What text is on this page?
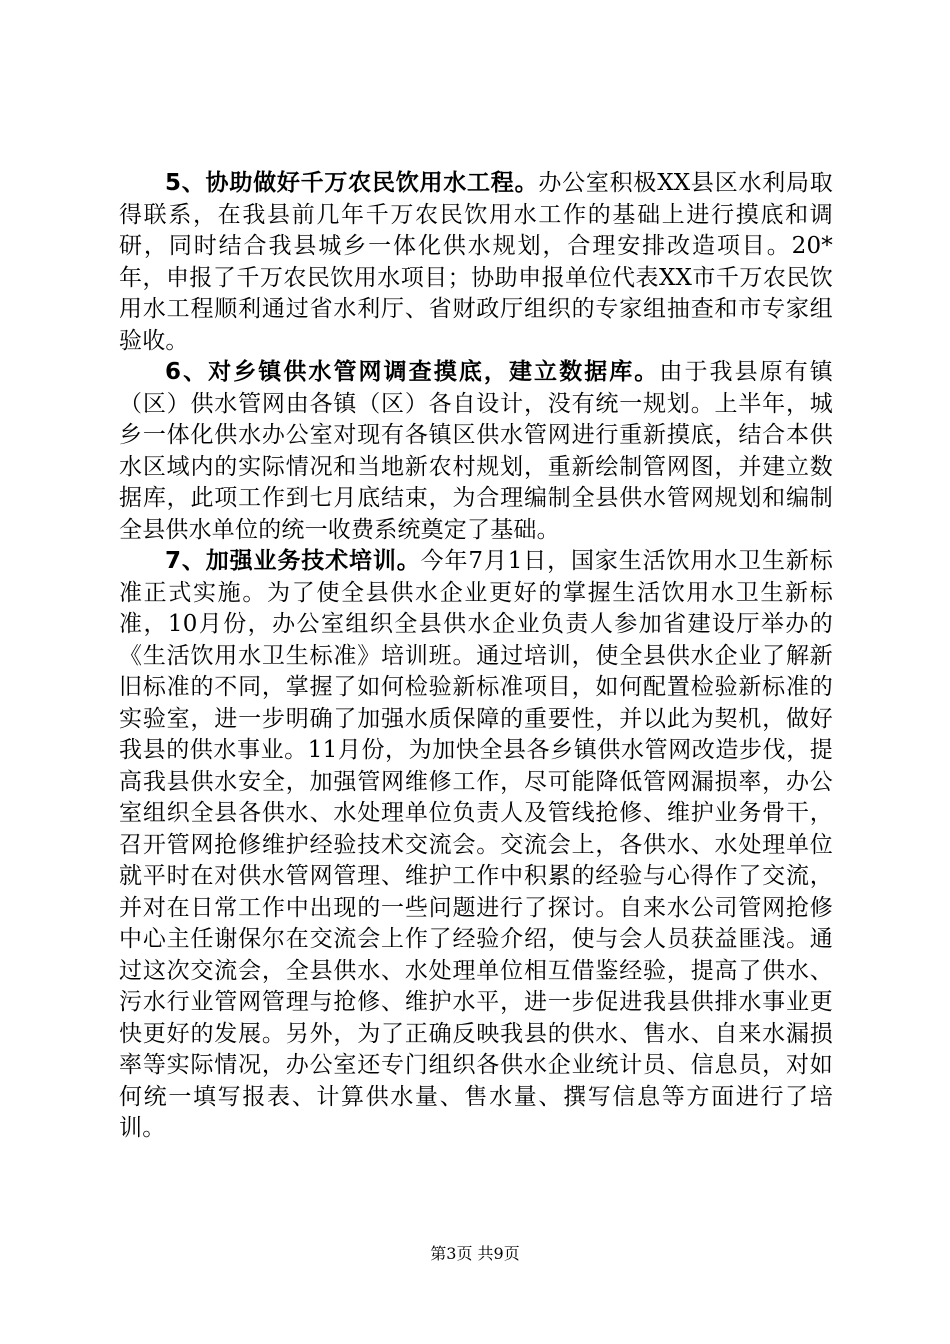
5、协助做好千万农民饮用水工程。办公室积极XX县区水利局取得联系，在我县前几年千万农民饮用水工作的基础上进行摸底和调研，同时结合我县城乡一体化供水规划，合理安排改造项目。20*年，申报了千万农民饮用水项目；协助申报单位代表XX市千万农民饮用水工程顺利通过省水利厅、省财政厅组织的专家组抽查和市专家组验收。

6、对乡镇供水管网调查摸底，建立数据库。由于我县原有镇（区）供水管网由各镇（区）各自设计，没有统一规划。上半年，城乡一体化供水办公室对现有各镇区供水管网进行重新摸底，结合本供水区域内的实际情况和当地新农村规划，重新绘制管网图，并建立数据库，此项工作到七月底结束，为合理编制全县供水管网规划和编制全县供水单位的统一收费系统奠定了基础。

7、加强业务技术培训。今年7月1日，国家生活饮用水卫生新标准正式实施。为了使全县供水企业更好的掌握生活饮用水卫生新标准，10月份，办公室组织全县供水企业负责人参加省建设厅举办的《生活饮用水卫生标准》培训班。通过培训，使全县供水企业了解新旧标准的不同，掌握了如何检验新标准项目，如何配置检验新标准的实验室，进一步明确了加强水质保障的重要性，并以此为契机，做好我县的供水事业。11月份，为加快全县各乡镇供水管网改造步伐，提高我县供水安全，加强管网维修工作，尽可能降低管网漏损率，办公室组织全县各供水、水处理单位负责人及管线抢修、维护业务骨干，召开管网抢修维护经验技术交流会。交流会上，各供水、水处理单位就平时在对供水管网管理、维护工作中积累的经验与心得作了交流，并对在日常工作中出现的一些问题进行了探讨。自来水公司管网抢修中心主任谢保尔在交流会上作了经验介绍，使与会人员获益匪浅。通过这次交流会，全县供水、水处理单位相互借鉴经验，提高了供水、污水行业管网管理与抢修、维护水平，进一步促进我县供排水事业更快更好的发展。另外，为了正确反映我县的供水、售水、自来水漏损率等实际情况，办公室还专门组织各供水企业统计员、信息员，对如何统一填写报表、计算供水量、售水量、撰写信息等方面进行了培训。

第3页 共9页
